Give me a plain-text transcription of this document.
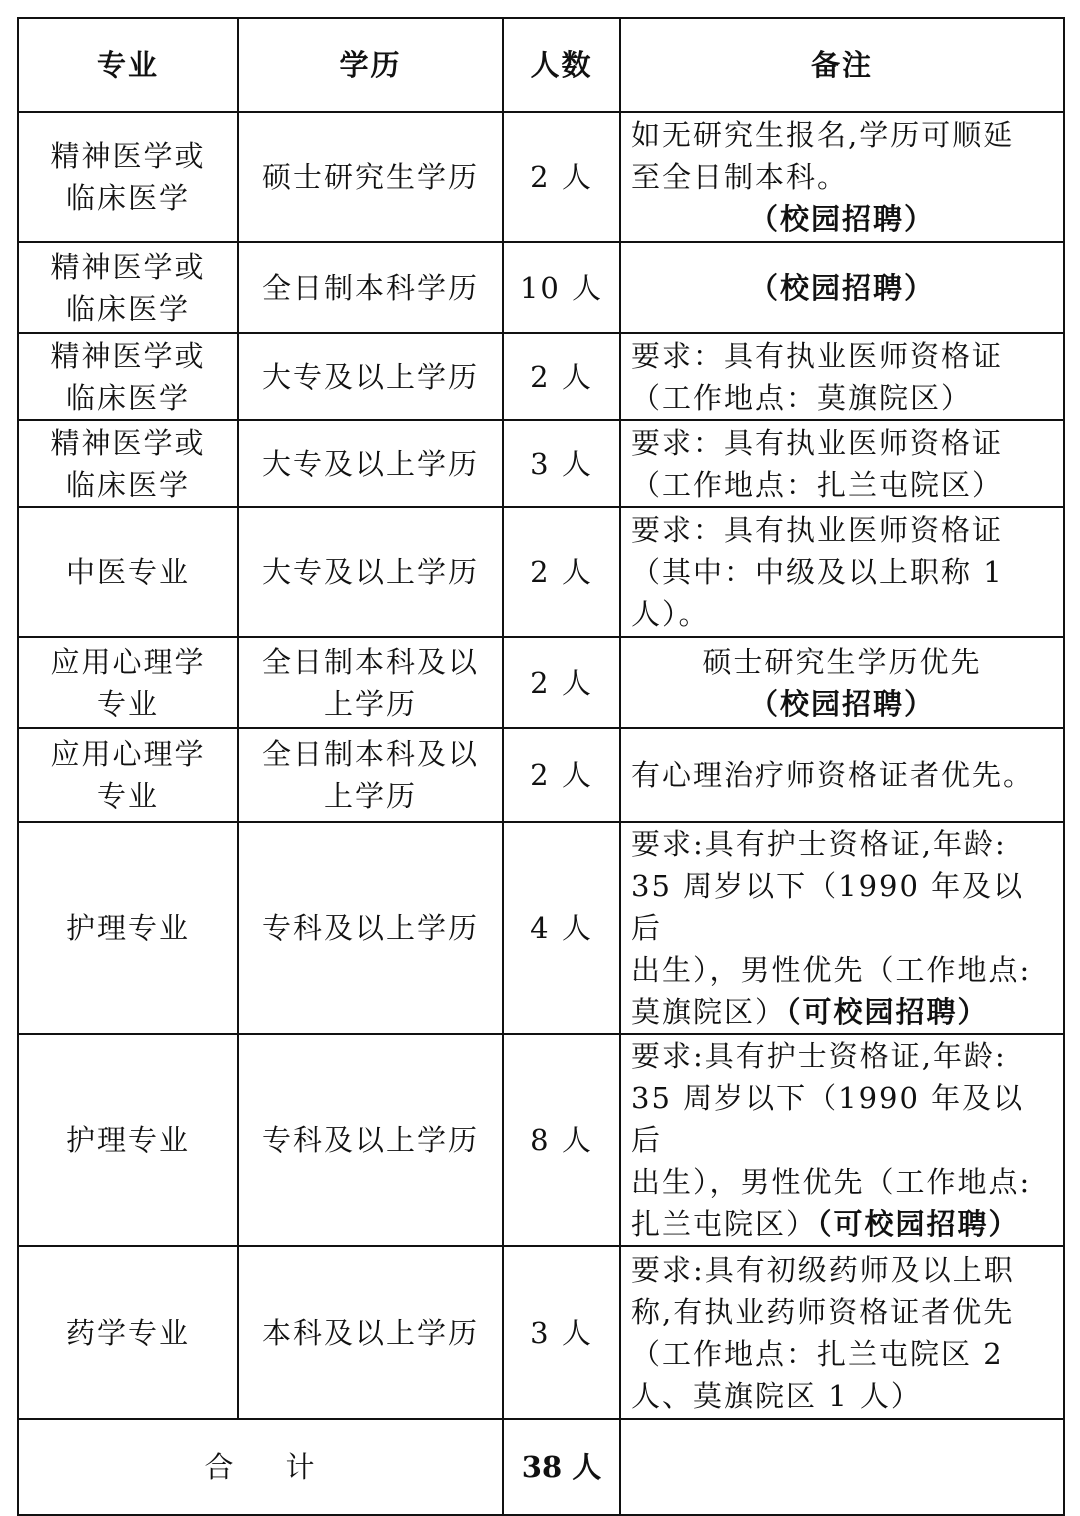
专业	学历	人数	备注

精神医学或
临床医学	硕士研究生学历	2 人	如无研究生报名,学历可顺延
至全日制本科。
（校园招聘）

精神医学或
临床医学	全日制本科学历	10 人	（校园招聘）

精神医学或
临床医学	大专及以上学历	2 人	要求：具有执业医师资格证
（工作地点：莫旗院区）

精神医学或
临床医学	大专及以上学历	3 人	要求：具有执业医师资格证
（工作地点：扎兰屯院区）

中医专业	大专及以上学历	2 人	要求：具有执业医师资格证
（其中：中级及以上职称 1
人）。

应用心理学
专业	全日制本科及以
上学历	2 人	硕士研究生学历优先
（校园招聘）

应用心理学
专业	全日制本科及以
上学历	2 人	有心理治疗师资格证者优先。

护理专业	专科及以上学历	4 人	要求:具有护士资格证,年龄:
35 周岁以下（1990 年及以后
出生），男性优先（工作地点:
莫旗院区）（可校园招聘）

护理专业	专科及以上学历	8 人	要求:具有护士资格证,年龄:
35 周岁以下（1990 年及以后
出生），男性优先（工作地点:
扎兰屯院区）（可校园招聘）

药学专业	本科及以上学历	3 人	要求:具有初级药师及以上职
称,有执业药师资格证者优先
（工作地点：扎兰屯院区 2
人、莫旗院区 1 人）

合 计		38 人	
